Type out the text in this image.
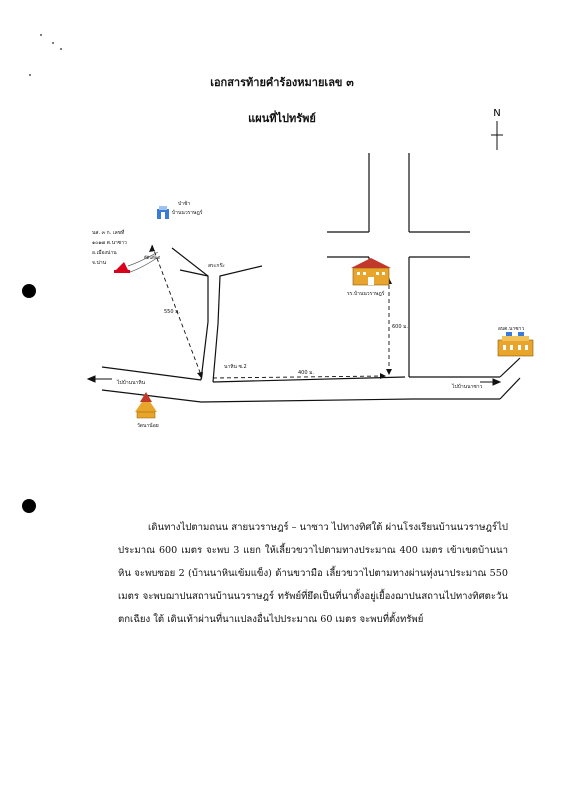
เอกสารท้ายคำร้องหมายเลข ๓
แผนที่ไปทรัพย์	N
ป่าช้าบ้านนวราษฎร์
นส. ๓ ก. เลขที่๑๐๑๗ ต.นาซาวอ.เมืองน่านจ.น่าน
ที่ดินที่ขอ
สระกร๊ะ
รร.บ้านนวราษฎร์
อบต.นาซาว
ไปบ้านนาหิน
ไปบ้านนาซาว
วัดนาน้อย
นาหิน ซ.2
550 ม.
400 ม.
600 ม.
เดินทางไปตามถนน สายนวราษฎร์ – นาซาว ไปทางทิศใต้ ผ่านโรงเรียนบ้านนวราษฎร์ไป ประมาณ 600 เมตร จะพบ 3 แยก ให้เลี้ยวขวาไปตามทางประมาณ 400 เมตร เข้าเขตบ้านนาหิน จะพบซอย 2 (บ้านนาหินเข้มแข็ง) ด้านขวามือ เลี้ยวขวาไปตามทางผ่านทุ่งนาประมาณ 550 เมตร จะพบฌาปนสถานบ้านนวราษฎร์ ทรัพย์ที่ยึดเป็นที่นาตั้งอยู่เยื้องฌาปนสถานไปทางทิศตะวันตกเฉียง ใต้ เดินเท้าผ่านที่นาแปลงอื่นไปประมาณ 60 เมตร จะพบที่ตั้งทรัพย์
